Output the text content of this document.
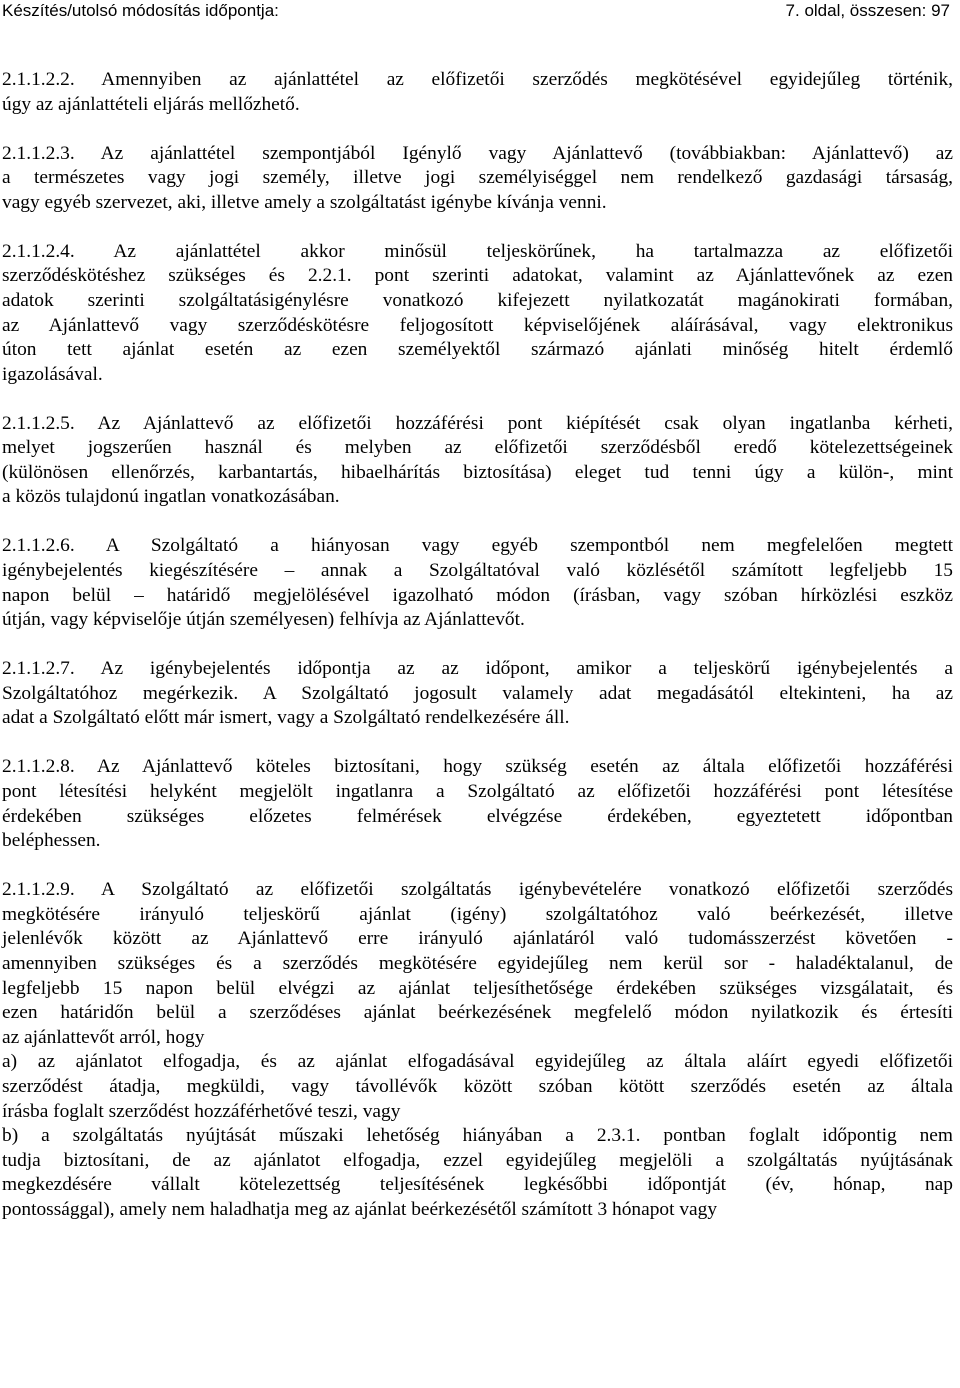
Készítés/utolsó módosítás időpontja:	7. oldal, összesen: 97

2.1.1.2.2. Amennyiben az ajánlattétel az előfizetői szerződés megkötésével egyidejűleg történik,
úgy az ajánlattételi eljárás mellőzhető.

2.1.1.2.3. Az ajánlattétel szempontjából Igénylő vagy Ajánlattevő (továbbiakban: Ajánlattevő) az
a természetes vagy jogi személy, illetve jogi személyiséggel nem rendelkező gazdasági társaság,
vagy egyéb szervezet, aki, illetve amely a szolgáltatást igénybe kívánja venni.

2.1.1.2.4. Az ajánlattétel akkor minősül teljeskörűnek, ha tartalmazza az előfizetői
szerződéskötéshez szükséges és 2.2.1. pont szerinti adatokat, valamint az Ajánlattevőnek az ezen
adatok szerinti szolgáltatásigénylésre vonatkozó kifejezett nyilatkozatát magánokirati formában,
az Ajánlattevő vagy szerződéskötésre feljogosított képviselőjének aláírásával, vagy elektronikus
úton tett ajánlat esetén az ezen személyektől származó ajánlati minőség hitelt érdemlő
igazolásával.

2.1.1.2.5. Az Ajánlattevő az előfizetői hozzáférési pont kiépítését csak olyan ingatlanba kérheti,
melyet jogszerűen használ és melyben az előfizetői szerződésből eredő kötelezettségeinek
(különösen ellenőrzés, karbantartás, hibaelhárítás biztosítása) eleget tud tenni úgy a külön-, mint
a közös tulajdonú ingatlan vonatkozásában.

2.1.1.2.6. A Szolgáltató a hiányosan vagy egyéb szempontból nem megfelelően megtett
igénybejelentés kiegészítésére – annak a Szolgáltatóval való közlésétől számított legfeljebb 15
napon belül – határidő megjelölésével igazolható módon (írásban, vagy szóban hírközlési eszköz
útján, vagy képviselője útján személyesen) felhívja az Ajánlattevőt.

2.1.1.2.7. Az igénybejelentés időpontja az az időpont, amikor a teljeskörű igénybejelentés a
Szolgáltatóhoz megérkezik. A Szolgáltató jogosult valamely adat megadásától eltekinteni, ha az
adat a Szolgáltató előtt már ismert, vagy a Szolgáltató rendelkezésére áll.

2.1.1.2.8. Az Ajánlattevő köteles biztosítani, hogy szükség esetén az általa előfizetői hozzáférési
pont létesítési helyként megjelölt ingatlanra a Szolgáltató az előfizetői hozzáférési pont létesítése
érdekében szükséges előzetes felmérések elvégzése érdekében, egyeztetett időpontban
beléphessen.

2.1.1.2.9. A Szolgáltató az előfizetői szolgáltatás igénybevételére vonatkozó előfizetői szerződés
megkötésére irányuló teljeskörű ajánlat (igény) szolgáltatóhoz való beérkezését, illetve
jelenlévők között az Ajánlattevő erre irányuló ajánlatáról való tudomásszerzést követően -
amennyiben szükséges és a szerződés megkötésére egyidejűleg nem kerül sor - haladéktalanul, de
legfeljebb 15 napon belül elvégzi az ajánlat teljesíthetősége érdekében szükséges vizsgálatait, és
ezen határidőn belül a szerződéses ajánlat beérkezésének megfelelő módon nyilatkozik és értesíti
az ajánlattevőt arról, hogy
a) az ajánlatot elfogadja, és az ajánlat elfogadásával egyidejűleg az általa aláírt egyedi előfizetői
szerződést átadja, megküldi, vagy távollévők között szóban kötött szerződés esetén az általa
írásba foglalt szerződést hozzáférhetővé teszi, vagy
b) a szolgáltatás nyújtását műszaki lehetőség hiányában a 2.3.1. pontban foglalt időpontig nem
tudja biztosítani, de az ajánlatot elfogadja, ezzel egyidejűleg megjelöli a szolgáltatás nyújtásának
megkezdésére vállalt kötelezettség teljesítésének legkésőbbi időpontját (év, hónap, nap
pontossággal), amely nem haladhatja meg az ajánlat beérkezésétől számított 3 hónapot vagy
